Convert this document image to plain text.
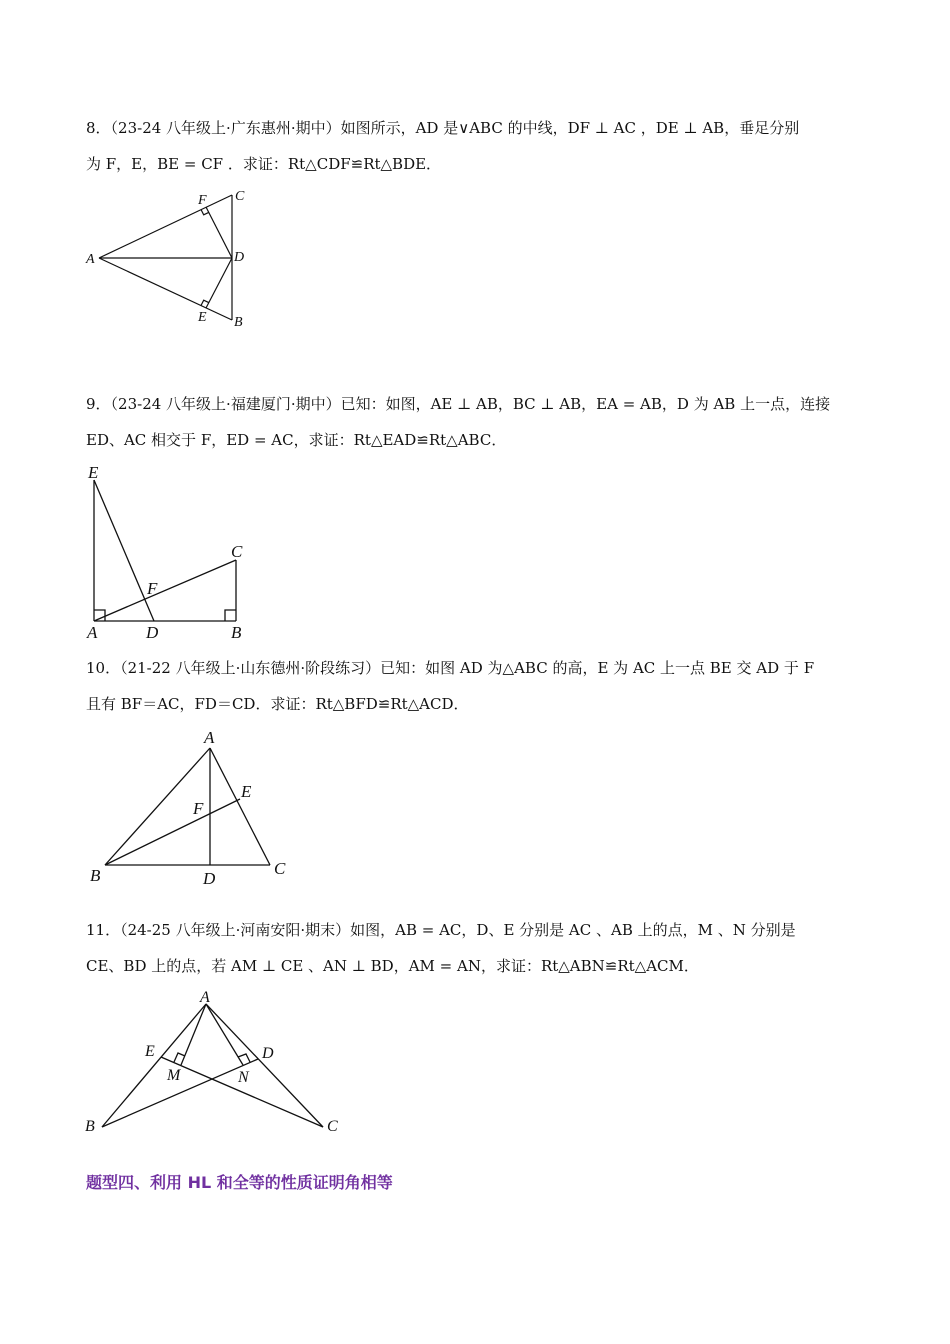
8．（23-24 八年级上·广东惠州·期中）如图所示，AD 是∨ABC 的中线，DF ⊥ AC ，DE ⊥ AB，垂足分别
为 F，E，BE = CF ．求证：Rt△CDF≌Rt△BDE．
F C
A	D
E B
9．（23-24 八年级上·福建厦门·期中）已知：如图，AE ⊥ AB，BC ⊥ AB，EA = AB，D 为 AB 上一点，连接
ED、AC 相交于 F，ED = AC，求证：Rt△EAD≌Rt△ABC．
E
C
F
A	D	B
10．（21-22 八年级上·山东德州·阶段练习）已知：如图 AD 为△ABC 的高，E 为 AC 上一点 BE 交 AD 于 F
且有 BF＝AC，FD＝CD．求证：Rt△BFD≌Rt△ACD．
A
E
F
B	D
C
11．（24-25 八年级上·河南安阳·期末）如图，AB = AC，D、E 分别是 AC 、AB 上的点，M 、N 分别是
CE、BD 上的点，若 AM ⊥ CE 、AN ⊥ BD，AM = AN，求证：Rt△ABN≌Rt△ACM．
A
E	D
M	N
B	C
题型四、利用 HL 和全等的性质证明角相等
